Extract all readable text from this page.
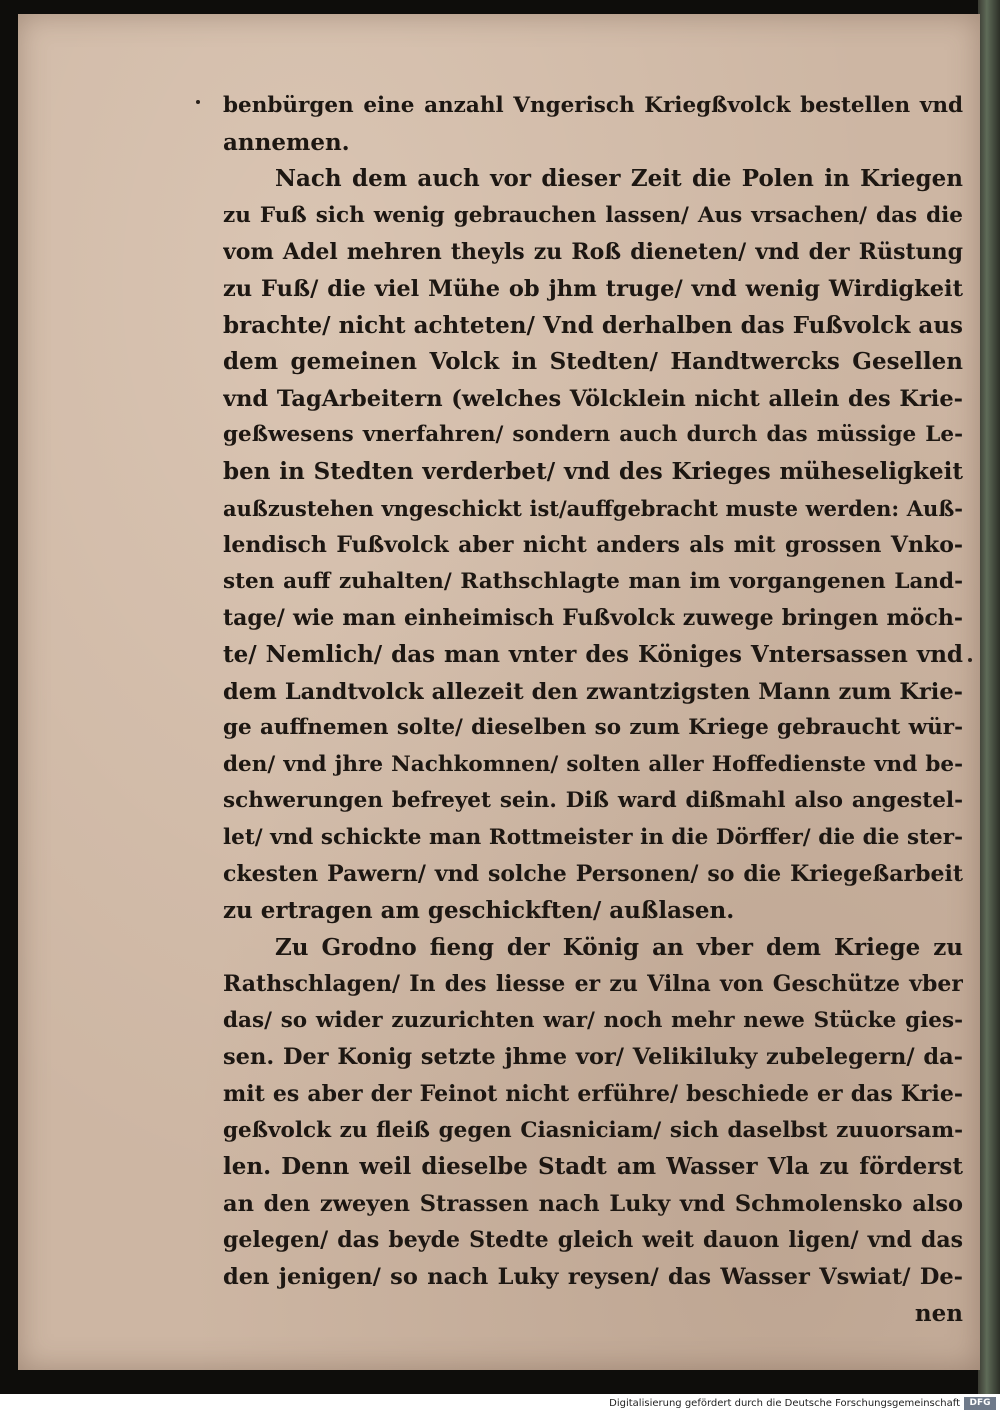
benbürgen eine anzahl Vngerisch Kriegßvolck bestellen vnd
annemen.
Nach dem auch vor dieser Zeit die Polen in Kriegen
zu Fuß sich wenig gebrauchen lassen/ Aus vrsachen/ das die
vom Adel mehren theyls zu Roß dieneten/ vnd der Rüstung
zu Fuß/ die viel Mühe ob jhm truge/ vnd wenig Wirdigkeit
brachte/ nicht achteten/ Vnd derhalben das Fußvolck aus
dem gemeinen Volck in Stedten/ Handtwercks Gesellen
vnd TagArbeitern (welches Völcklein nicht allein des Krie-
geßwesens vnerfahren/ sondern auch durch das müssige Le-
ben in Stedten verderbet/ vnd des Krieges müheseligkeit
außzustehen vngeschickt ist/auffgebracht muste werden: Auß-
lendisch Fußvolck aber nicht anders als mit grossen Vnko-
sten auff zuhalten/ Rathschlagte man im vorgangenen Land-
tage/ wie man einheimisch Fußvolck zuwege bringen möch-
te/ Nemlich/ das man vnter des Königes Vntersassen vnd
dem Landtvolck allezeit den zwantzigsten Mann zum Krie-
ge auffnemen solte/ dieselben so zum Kriege gebraucht wür-
den/ vnd jhre Nachkomnen/ solten aller Hoffedienste vnd be-
schwerungen befreyet sein. Diß ward dißmahl also angestel-
let/ vnd schickte man Rottmeister in die Dörffer/ die die ster-
ckesten Pawern/ vnd solche Personen/ so die Kriegeßarbeit
zu ertragen am geschickften/ außlasen.
Zu Grodno fieng der König an vber dem Kriege zu
Rathschlagen/ In des liesse er zu Vilna von Geschütze vber
das/ so wider zuzurichten war/ noch mehr newe Stücke gies-
sen. Der Konig setzte jhme vor/ Velikiluky zubelegern/ da-
mit es aber der Feinot nicht erführe/ beschiede er das Krie-
geßvolck zu fleiß gegen Ciasniciam/ sich daselbst zuuorsam-
len. Denn weil dieselbe Stadt am Wasser Vla zu förderst
an den zweyen Strassen nach Luky vnd Schmolensko also
gelegen/ das beyde Stedte gleich weit dauon ligen/ vnd das
den jenigen/ so nach Luky reysen/ das Wasser Vswiat/ De-
nen
Digitalisierung gefördert durch die Deutsche Forschungsgemeinschaft	DFG
